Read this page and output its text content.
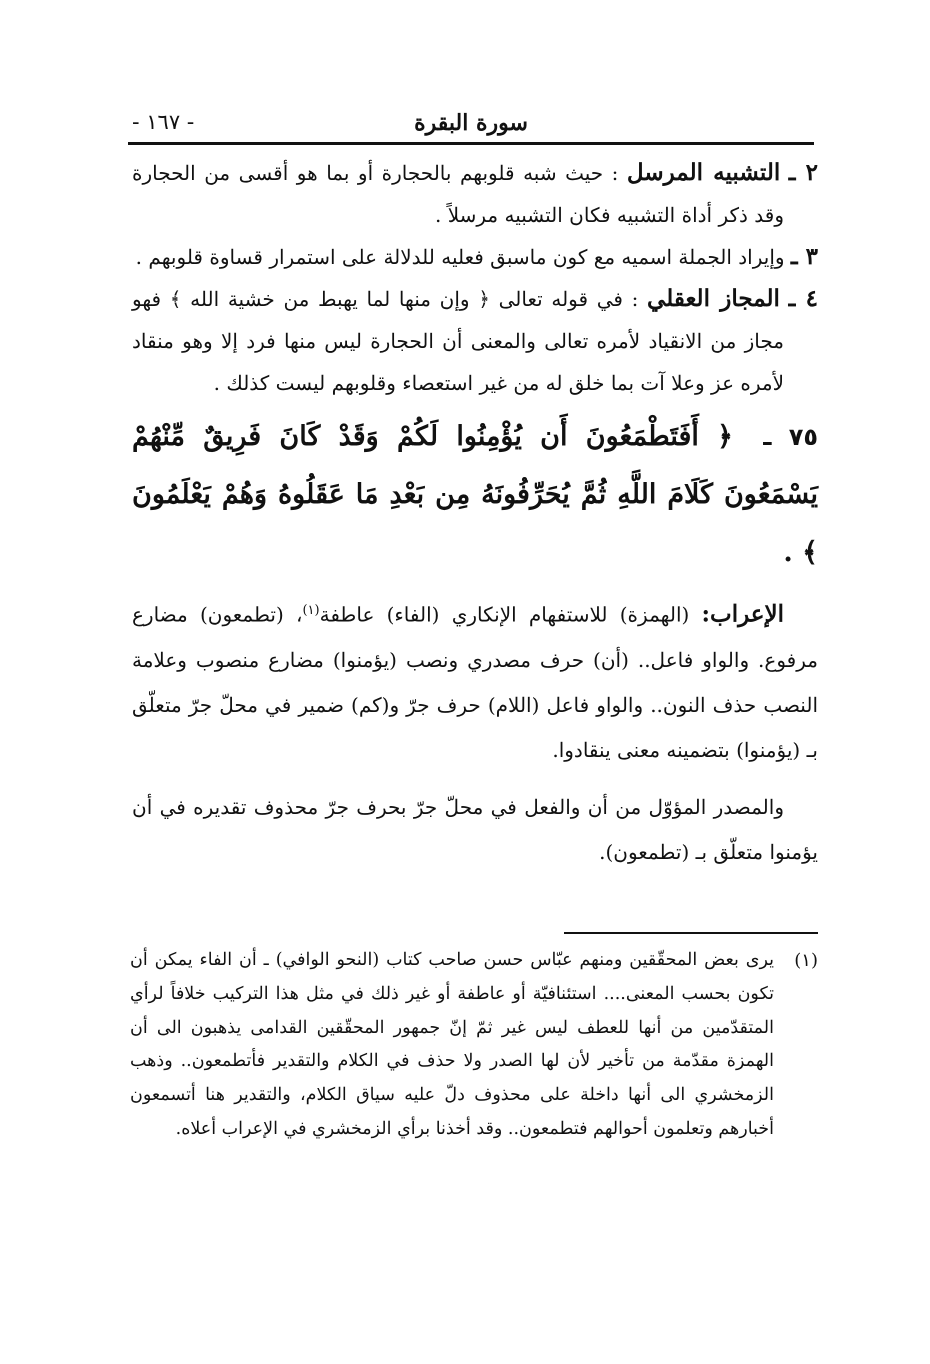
سورة البقرة
- ١٦٧ -

٢ ـ التشبيه المرسل : حيث شبه قلوبهم بالحجارة أو بما هو أقسى من الحجارة وقد ذكر أداة التشبيه فكان التشبيه مرسلاً .

٣ ـ وإيراد الجملة اسميه مع كون ماسبق فعليه للدلالة على استمرار قساوة قلوبهم .

٤ ـ المجاز العقلي : في قوله تعالى ﴿ وإن منها لما يهبط من خشية الله ﴾ فهو مجاز من الانقياد لأمره تعالى والمعنى أن الحجارة ليس منها فرد إلا وهو منقاد لأمره عز وعلا آت بما خلق له من غير استعصاء وقلوبهم ليست كذلك .

٧٥ ـ ﴿ أَفَتَطْمَعُونَ أَن يُؤْمِنُوا لَكُمْ وَقَدْ كَانَ فَرِيقٌ مِّنْهُمْ يَسْمَعُونَ كَلَامَ اللَّهِ ثُمَّ يُحَرِّفُونَهُ مِن بَعْدِ مَا عَقَلُوهُ وَهُمْ يَعْلَمُونَ ﴾ .

الإعراب: (الهمزة) للاستفهام الإنكاري (الفاء) عاطفة$^{(١)}$، (تطمعون) مضارع مرفوع. والواو فاعل.. (أن) حرف مصدري ونصب (يؤمنوا) مضارع منصوب وعلامة النصب حذف النون.. والواو فاعل (اللام) حرف جرّ و(كم) ضمير في محلّ جرّ متعلّق بـ (يؤمنوا) بتضمينه معنى ينقادوا.

والمصدر المؤوّل من أن والفعل في محلّ جرّ بحرف جرّ محذوف تقديره في أن يؤمنوا متعلّق بـ (تطمعون).

(١)
يرى بعض المحقّقين ومنهم عبّاس حسن صاحب كتاب (النحو الوافي) ـ أن الفاء يمكن أن تكون بحسب المعنى.... استئنافيّة أو عاطفة أو غير ذلك في مثل هذا التركيب خلافاً لرأي المتقدّمين من أنها للعطف ليس غير ثمّ إنّ جمهور المحقّقين القدامى يذهبون الى أن الهمزة مقدّمة من تأخير لأن لها الصدر ولا حذف في الكلام والتقدير فأتطمعون.. وذهب الزمخشري الى أنها داخلة على محذوف دلّ عليه سياق الكلام، والتقدير هنا أتسمعون أخبارهم وتعلمون أحوالهم فتطمعون.. وقد أخذنا برأي الزمخشري في الإعراب أعلاه.
